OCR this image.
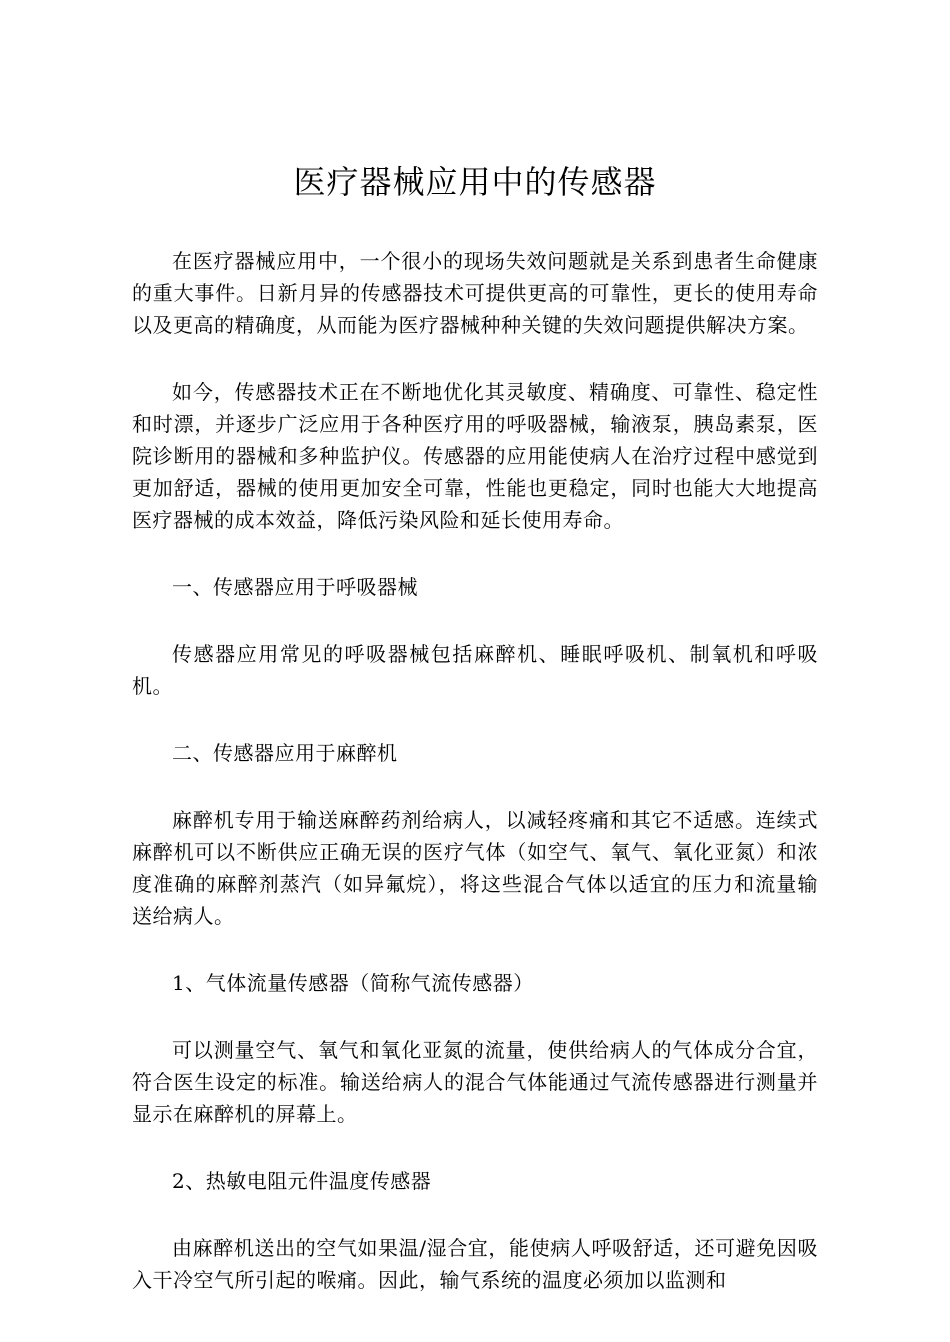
医疗器械应用中的传感器

在医疗器械应用中，一个很小的现场失效问题就是关系到患者生命健康的重大事件。日新月异的传感器技术可提供更高的可靠性，更长的使用寿命以及更高的精确度，从而能为医疗器械种种关键的失效问题提供解决方案。

如今，传感器技术正在不断地优化其灵敏度、精确度、可靠性、稳定性和时漂，并逐步广泛应用于各种医疗用的呼吸器械，输液泵，胰岛素泵，医院诊断用的器械和多种监护仪。传感器的应用能使病人在治疗过程中感觉到更加舒适，器械的使用更加安全可靠，性能也更稳定，同时也能大大地提高医疗器械的成本效益，降低污染风险和延长使用寿命。

一、传感器应用于呼吸器械

传感器应用常见的呼吸器械包括麻醉机、睡眠呼吸机、制氧机和呼吸机。

二、传感器应用于麻醉机

麻醉机专用于输送麻醉药剂给病人，以减轻疼痛和其它不适感。连续式麻醉机可以不断供应正确无误的医疗气体（如空气、氧气、氧化亚氮）和浓度准确的麻醉剂蒸汽（如异氟烷），将这些混合气体以适宜的压力和流量输送给病人。

1、气体流量传感器（简称气流传感器）

可以测量空气、氧气和氧化亚氮的流量，使供给病人的气体成分合宜，符合医生设定的标准。输送给病人的混合气体能通过气流传感器进行测量并显示在麻醉机的屏幕上。

2、热敏电阻元件温度传感器

由麻醉机送出的空气如果温/湿合宜，能使病人呼吸舒适，还可避免因吸入干冷空气所引起的喉痛。因此，输气系统的温度必须加以监测和
